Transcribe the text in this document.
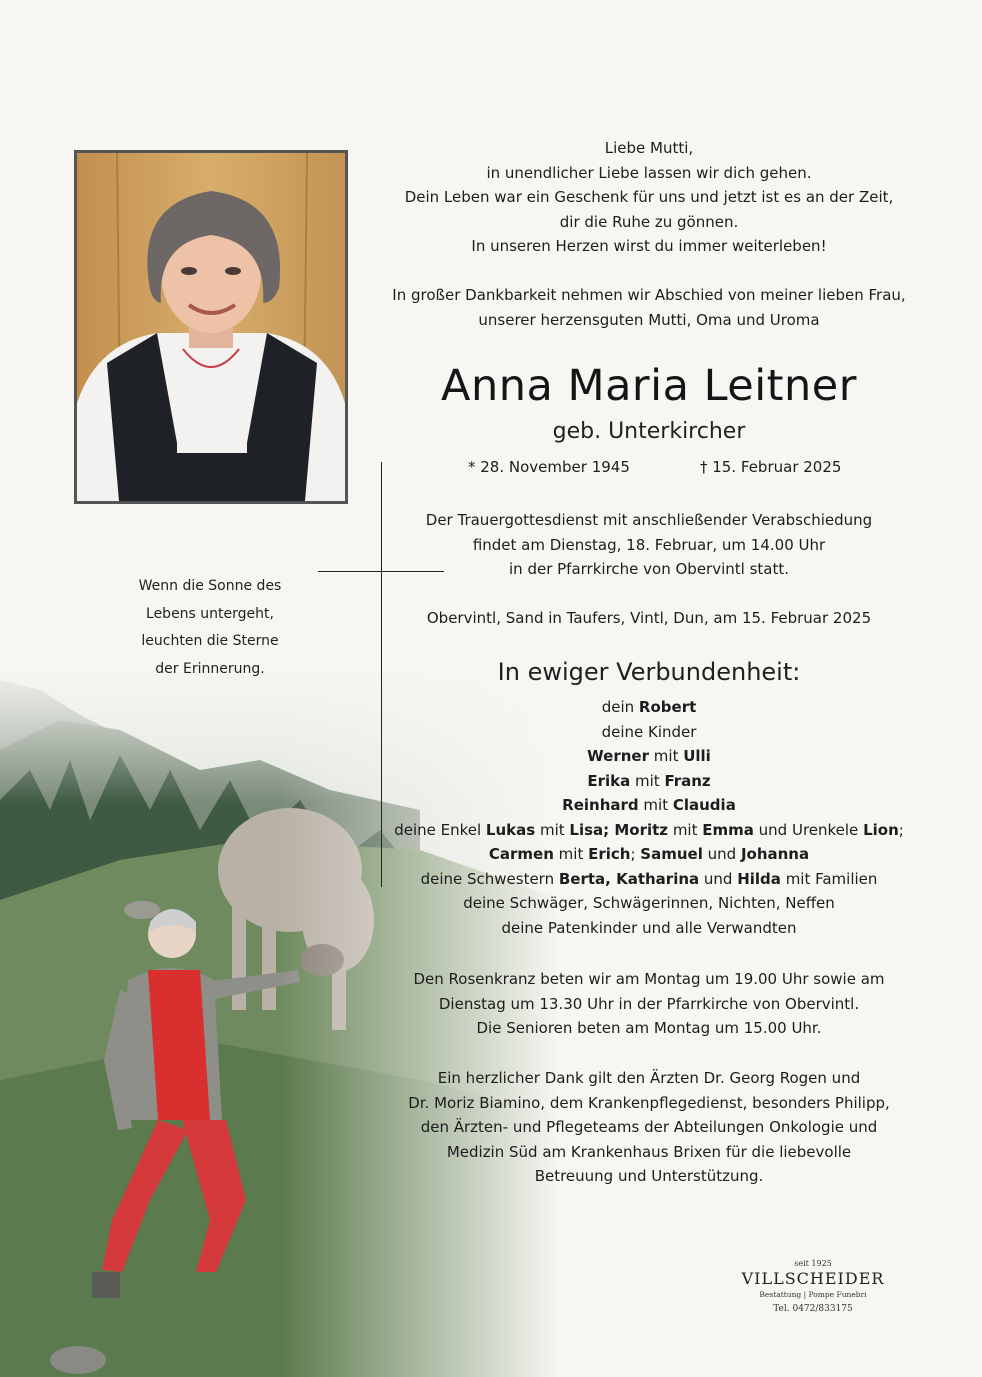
Wenn die Sonne des
Lebens untergeht,
leuchten die Sterne
der Erinnerung.
Liebe Mutti,
in unendlicher Liebe lassen wir dich gehen.
Dein Leben war ein Geschenk für uns und jetzt ist es an der Zeit,
dir die Ruhe zu gönnen.
In unseren Herzen wirst du immer weiterleben!
In großer Dankbarkeit nehmen wir Abschied von meiner lieben Frau,
unserer herzensguten Mutti, Oma und Uroma
Anna Maria Leitner
geb. Unterkircher
* 28. November 1945	† 15. Februar 2025
Der Trauergottesdienst mit anschließender Verabschiedung
findet am Dienstag, 18. Februar, um 14.00 Uhr
in der Pfarrkirche von Obervintl statt.
Obervintl, Sand in Taufers, Vintl, Dun, am 15. Februar 2025
In ewiger Verbundenheit:
dein Robert
deine Kinder
Werner mit Ulli
Erika mit Franz
Reinhard mit Claudia
deine Enkel Lukas mit Lisa; Moritz mit Emma und Urenkele Lion;
Carmen mit Erich; Samuel und Johanna
deine Schwestern Berta, Katharina und Hilda mit Familien
deine Schwäger, Schwägerinnen, Nichten, Neffen
deine Patenkinder und alle Verwandten
Den Rosenkranz beten wir am Montag um 19.00 Uhr sowie am
Dienstag um 13.30 Uhr in der Pfarrkirche von Obervintl.
Die Senioren beten am Montag um 15.00 Uhr.
Ein herzlicher Dank gilt den Ärzten Dr. Georg Rogen und
Dr. Moriz Biamino, dem Krankenpflegedienst, besonders Philipp,
den Ärzten- und Pflegeteams der Abteilungen Onkologie und
Medizin Süd am Krankenhaus Brixen für die liebevolle
Betreuung und Unterstützung.
seit 1925
VILLSCHEIDER
Bestattung | Pompe Funebri
Tel. 0472/833175
